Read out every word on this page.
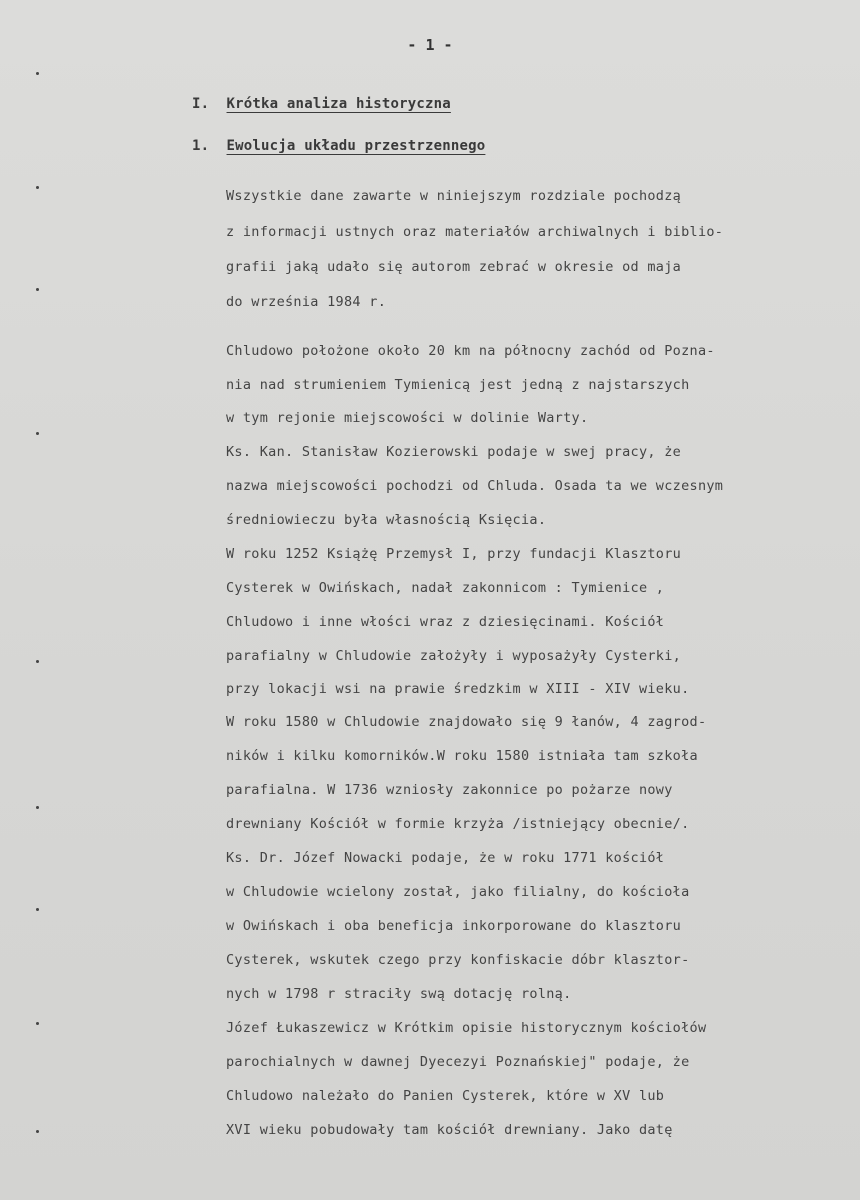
- 1 -
I. Krótka analiza historyczna
1. Ewolucja układu przestrzennego
Wszystkie dane zawarte w niniejszym rozdziale pochodzą
z informacji ustnych oraz materiałów archiwalnych i biblio-
grafii jaką udało się autorom zebrać w okresie od maja
do września 1984 r.
Chludowo położone około 20 km na północny zachód od Pozna-
nia nad strumieniem Tymienicą jest jedną z najstarszych
w tym rejonie miejscowości w dolinie Warty.
Ks. Kan. Stanisław Kozierowski podaje w swej pracy, że
nazwa miejscowości pochodzi od Chluda. Osada ta we wczesnym
średniowieczu była własnością Księcia.
W roku 1252 Książę Przemysł I, przy fundacji Klasztoru
Cysterek w Owińskach, nadał zakonnicom : Tymienice ,
Chludowo i inne włości wraz z dziesięcinami. Kościół
parafialny w Chludowie założyły i wyposażyły Cysterki,
przy lokacji wsi na prawie średzkim w XIII - XIV wieku.
W roku 1580 w Chludowie znajdowało się 9 łanów, 4 zagrod-
ników i kilku komorników.W roku 1580 istniała tam szkoła
parafialna. W 1736 wzniosły zakonnice po pożarze nowy
drewniany Kościół w formie krzyża /istniejący obecnie/.
Ks. Dr. Józef Nowacki podaje, że w roku 1771 kościół
w Chludowie wcielony został, jako filialny, do kościoła
w Owińskach i oba beneficja inkorporowane do klasztoru
Cysterek, wskutek czego przy konfiskacie dóbr klasztor-
nych w 1798 r straciły swą dotację rolną.
Józef Łukaszewicz w Krótkim opisie historycznym kościołów
parochialnych w dawnej Dyecezyi Poznańskiej" podaje, że
Chludowo należało do Panien Cysterek, które w XV lub
XVI wieku pobudowały tam kościół drewniany. Jako datę
